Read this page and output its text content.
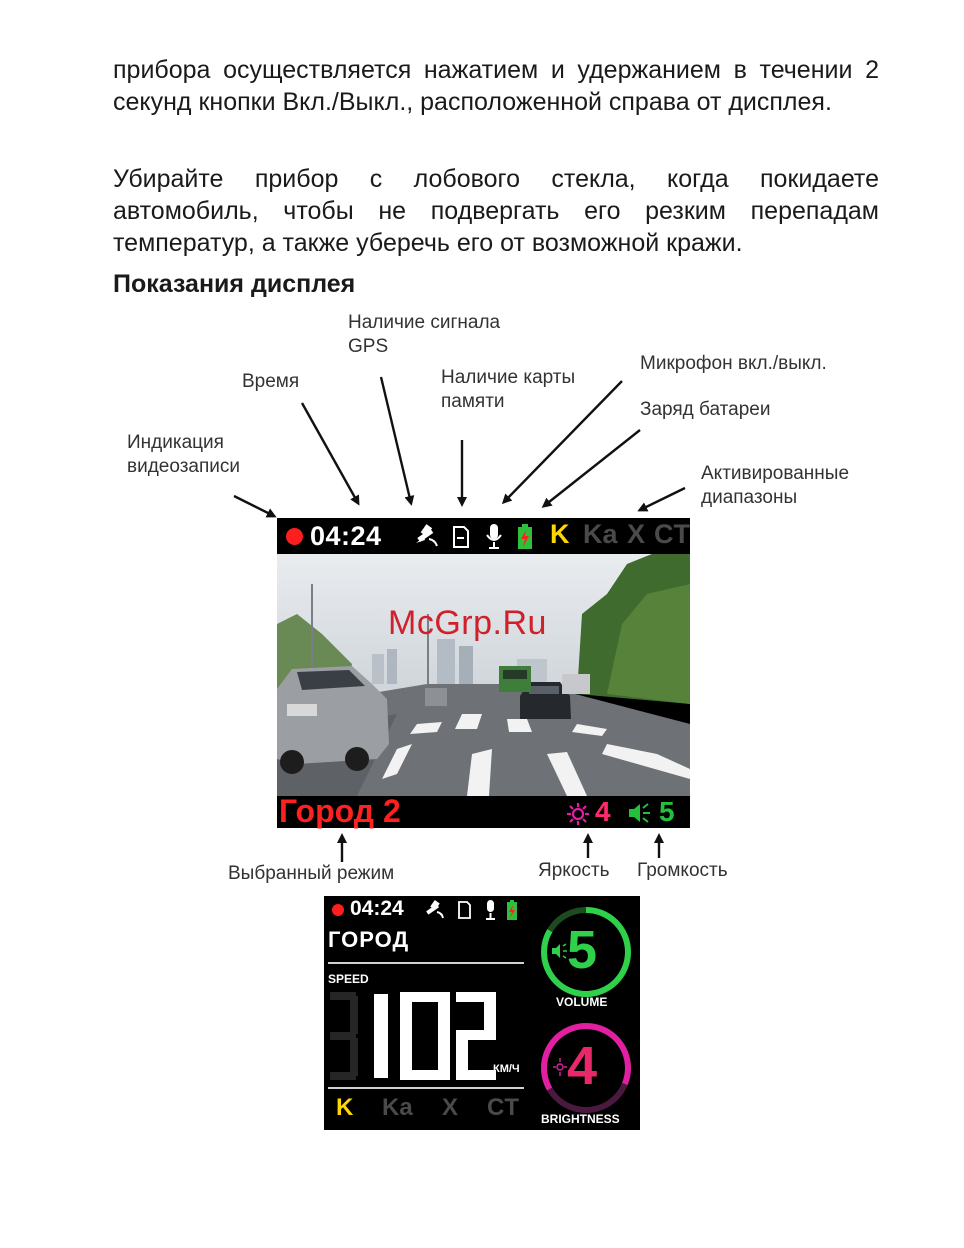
прибора осуществляется нажатием и удержанием в течении 2 секунд кнопки Вкл./Выкл., расположенной справа от дисплея.

Убирайте прибор с лобового стекла, когда покидаете автомобиль, чтобы не подвергать его резким перепадам температур, а также уберечь его от возможной кражи.

Показания дисплея
Наличие сигнала
GPS
Время	Наличие карты
памяти
Микрофон вкл./выкл.
Заряд батареи
Индикация
видеозаписи	Активированные
диапазоны
Выбранный режим	Яркость Громкость
04:24	K Ka X CT
Город 2	4 5
McGrp.Ru
04:24
ГОРОД
SPEED
КМ/Ч
K Ka X CT
5
VOLUME
4
BRIGHTNESS
